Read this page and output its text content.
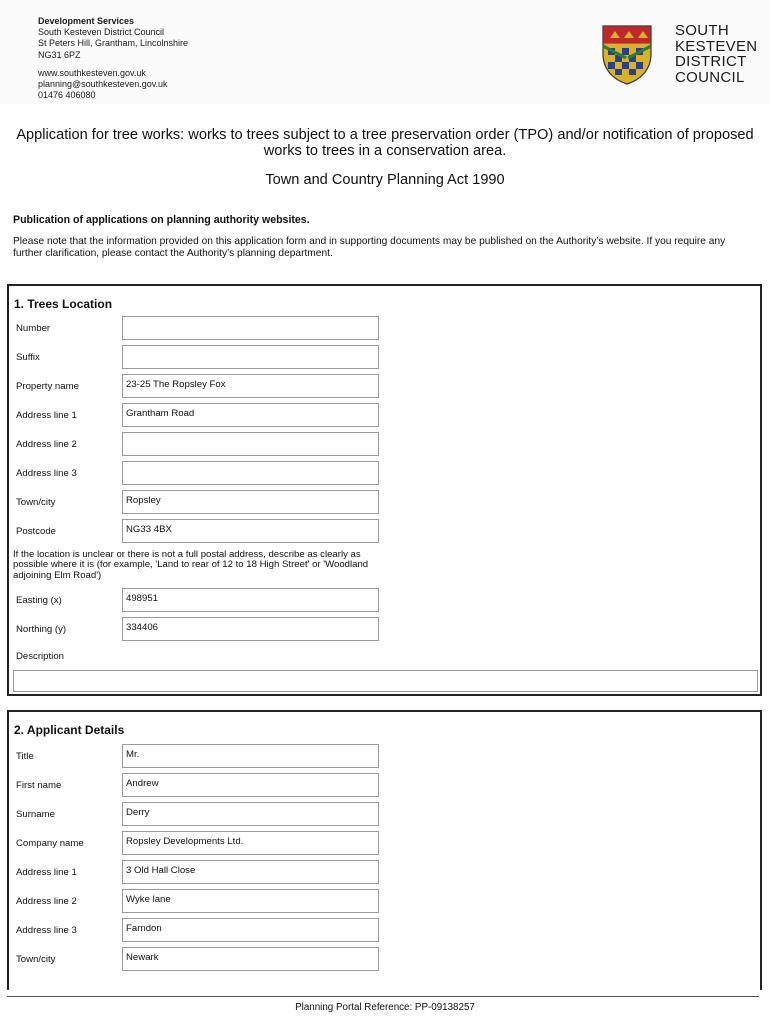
Development Services
South Kesteven District Council
St Peters Hill, Grantham, Lincolnshire
NG31 6PZ
www.southkesteven.gov.uk
planning@southkesteven.gov.uk
01476 406080
SOUTH
KESTEVEN
DISTRICT
COUNCIL
Application for tree works: works to trees subject to a tree preservation order (TPO) and/or notification of proposed works to trees in a conservation area.
Town and Country Planning Act 1990
Publication of applications on planning authority websites.
Please note that the information provided on this application form and in supporting documents may be published on the Authority’s website. If you require any further clarification, please contact the Authority’s planning department.
1. Trees Location
Number
Suffix
Property name	23-25 The Ropsley Fox
Address line 1	Grantham Road
Address line 2
Address line 3
Town/city	Ropsley
Postcode	NG33 4BX
If the location is unclear or there is not a full postal address, describe as clearly as possible where it is (for example, 'Land to rear of 12 to 18 High Street' or 'Woodland adjoining Elm Road')
Easting (x)	498951
Northing (y)	334406
Description
2. Applicant Details
Title	Mr.
First name	Andrew
Surname	Derry
Company name	Ropsley Developments Ltd.
Address line 1	3 Old Hall Close
Address line 2	Wyke lane
Address line 3	Farndon
Town/city	Newark
Planning Portal Reference: PP-09138257
